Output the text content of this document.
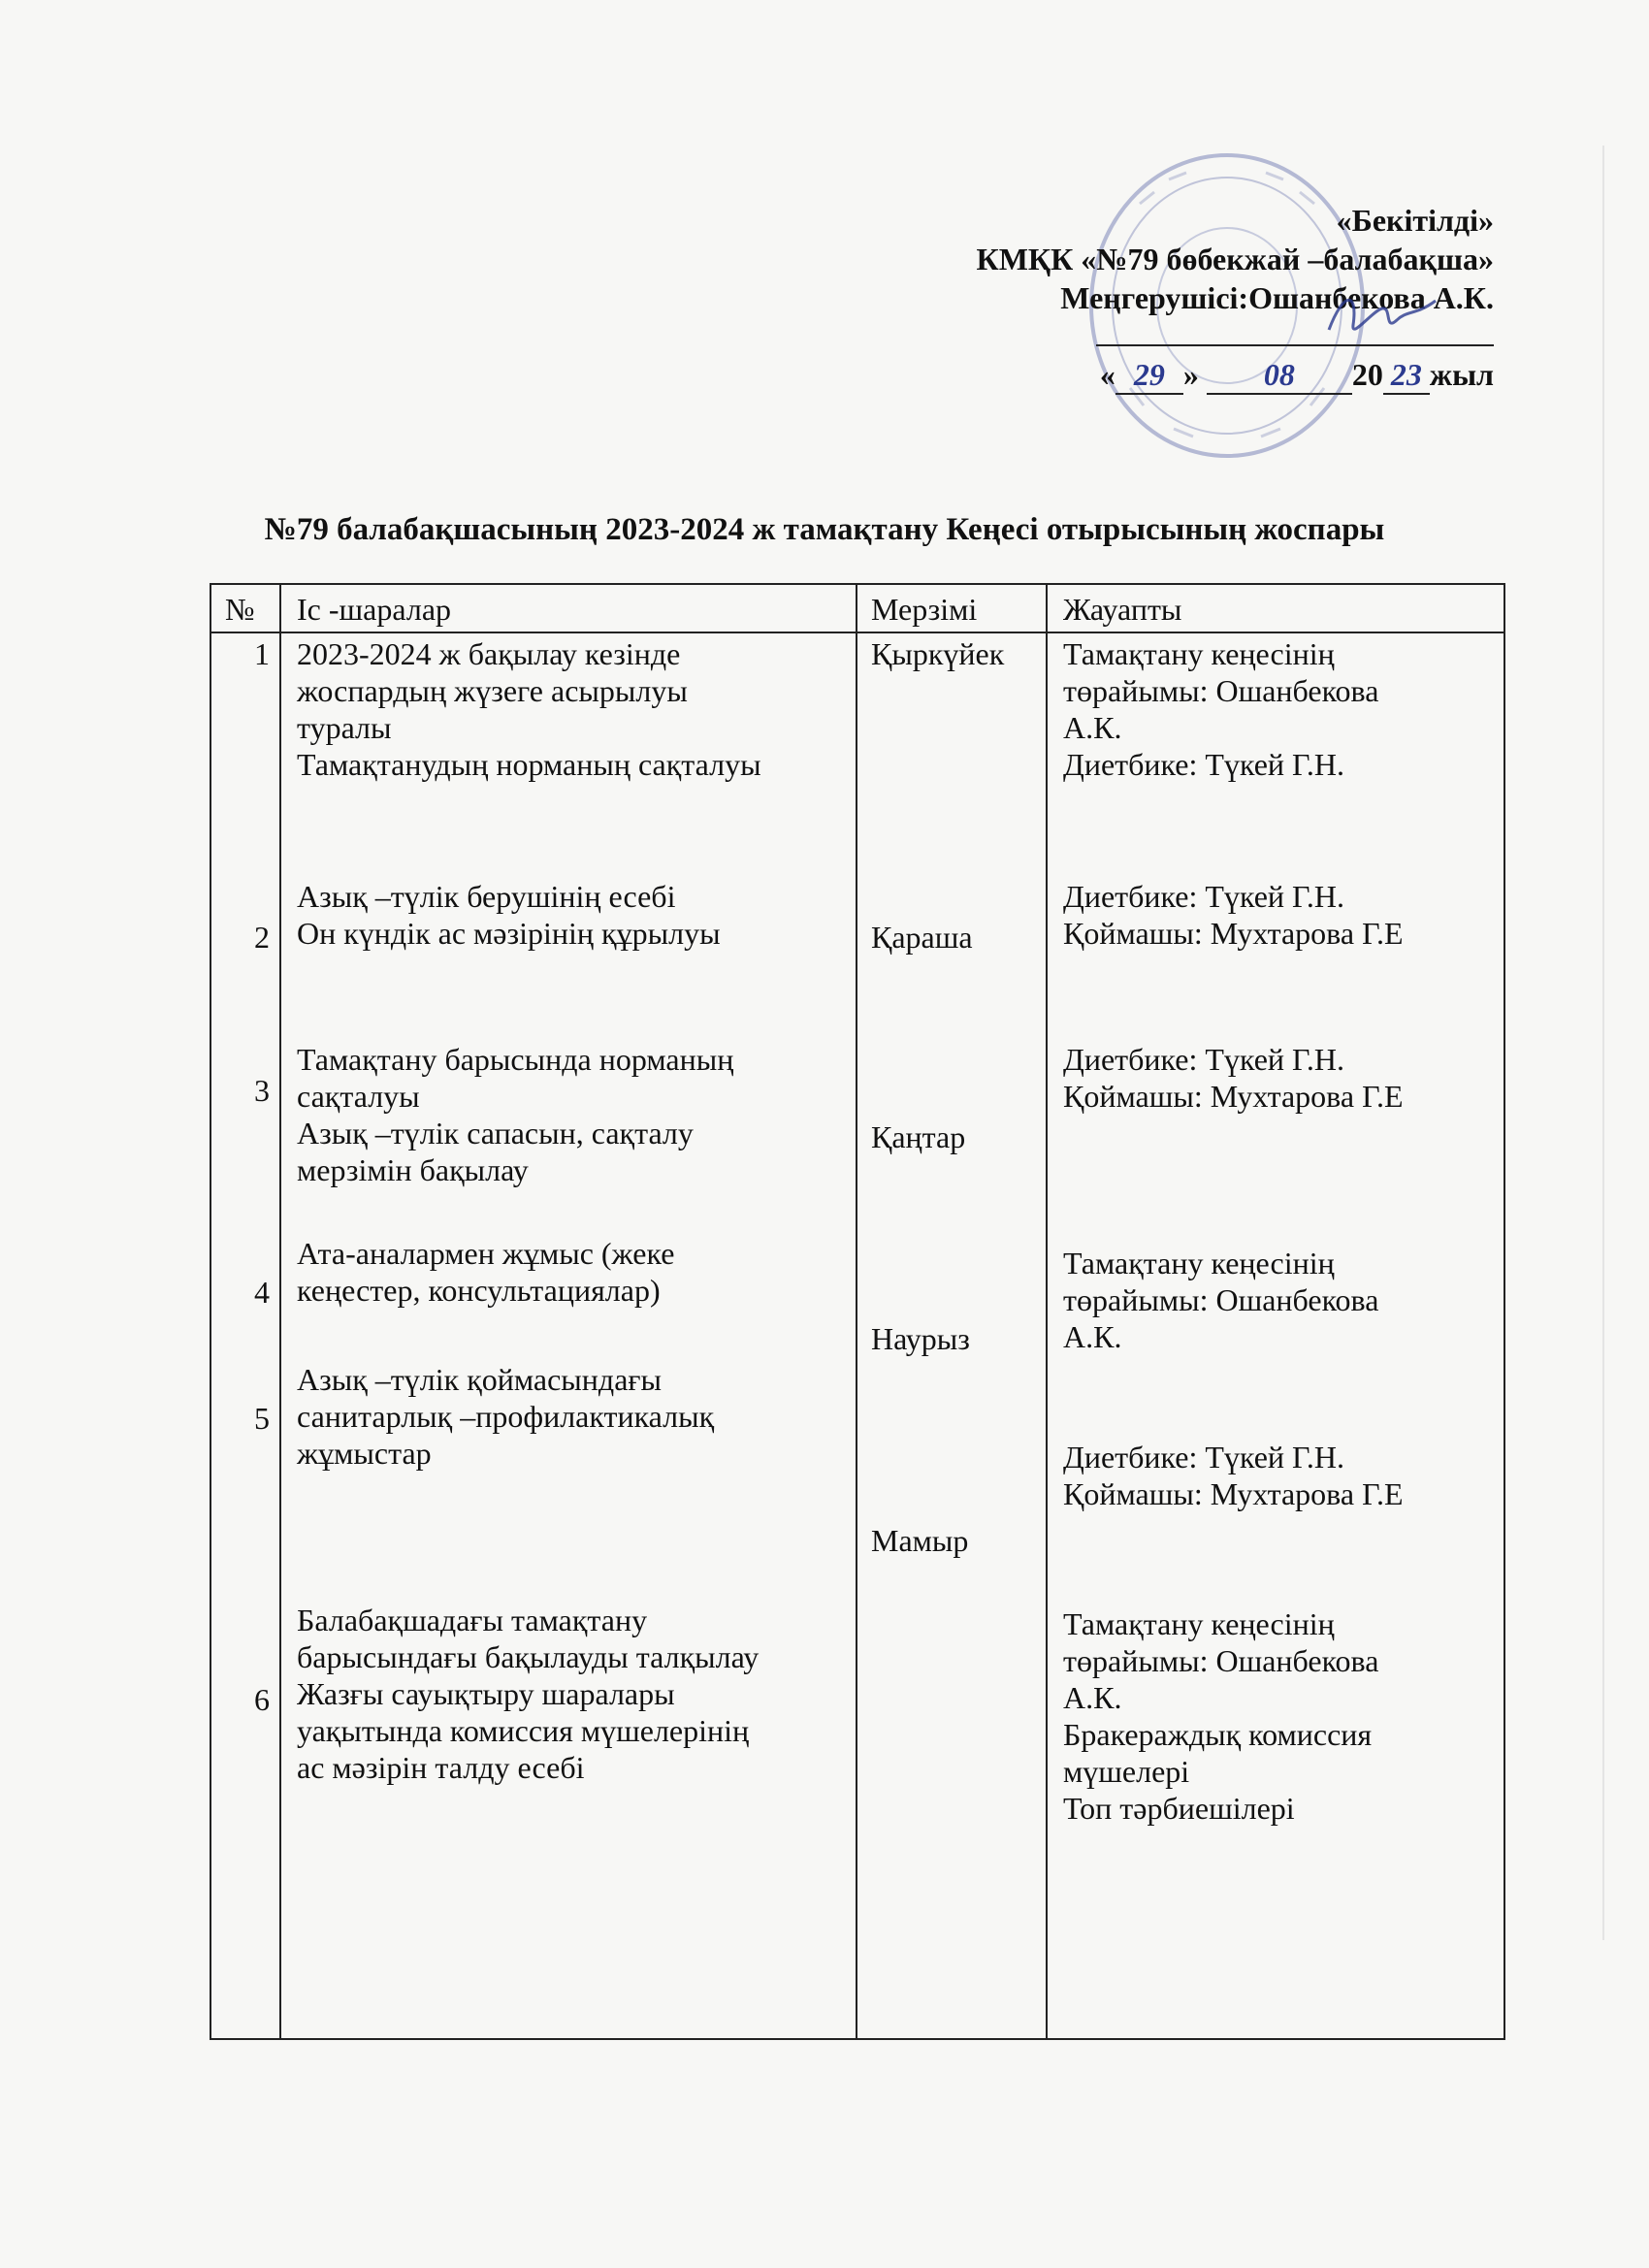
«Бекітілді»
КМҚК «№79 бөбекжай –балабақша»
Меңгерушісі:Ошанбекова А.К.
« 29 » 08 20 23 жыл
№79 балабақшасының 2023-2024 ж тамақтану Кеңесі отырысының жоспары
№ Іс -шаралар	Мерзімі	Жауапты
1
2
3
4
5
6
2023-2024 ж бақылау кезінде
жоспардың жүзеге асырылуы
туралы
Тамақтанудың норманың сақталуы
Азық –түлік берушінің есебі
Он күндік ас мәзірінің құрылуы
Тамақтану барысында норманың
сақталуы
Азық –түлік сапасын, сақталу
мерзімін бақылау
Ата-аналармен жұмыс (жеке
кеңестер, консультациялар)
Азық –түлік қоймасындағы
санитарлық –профилактикалық
жұмыстар
Балабақшадағы тамақтану
барысындағы бақылауды талқылау
Жазғы сауықтыру шаралары
уақытында комиссия мүшелерінің
ас мәзірін талду есебі
Қыркүйек
Қараша
Қаңтар
Наурыз
Мамыр
Тамақтану кеңесінің
төрайымы: Ошанбекова
А.К.
Диетбике: Түкей Г.Н.
Диетбике: Түкей Г.Н.
Қоймашы: Мухтарова Г.Е
Диетбике: Түкей Г.Н.
Қоймашы: Мухтарова Г.Е
Тамақтану кеңесінің
төрайымы: Ошанбекова
А.К.
Диетбике: Түкей Г.Н.
Қоймашы: Мухтарова Г.Е
Тамақтану кеңесінің
төрайымы: Ошанбекова
А.К.
Бракераждық комиссия
мүшелері
Топ тәрбиешілері
